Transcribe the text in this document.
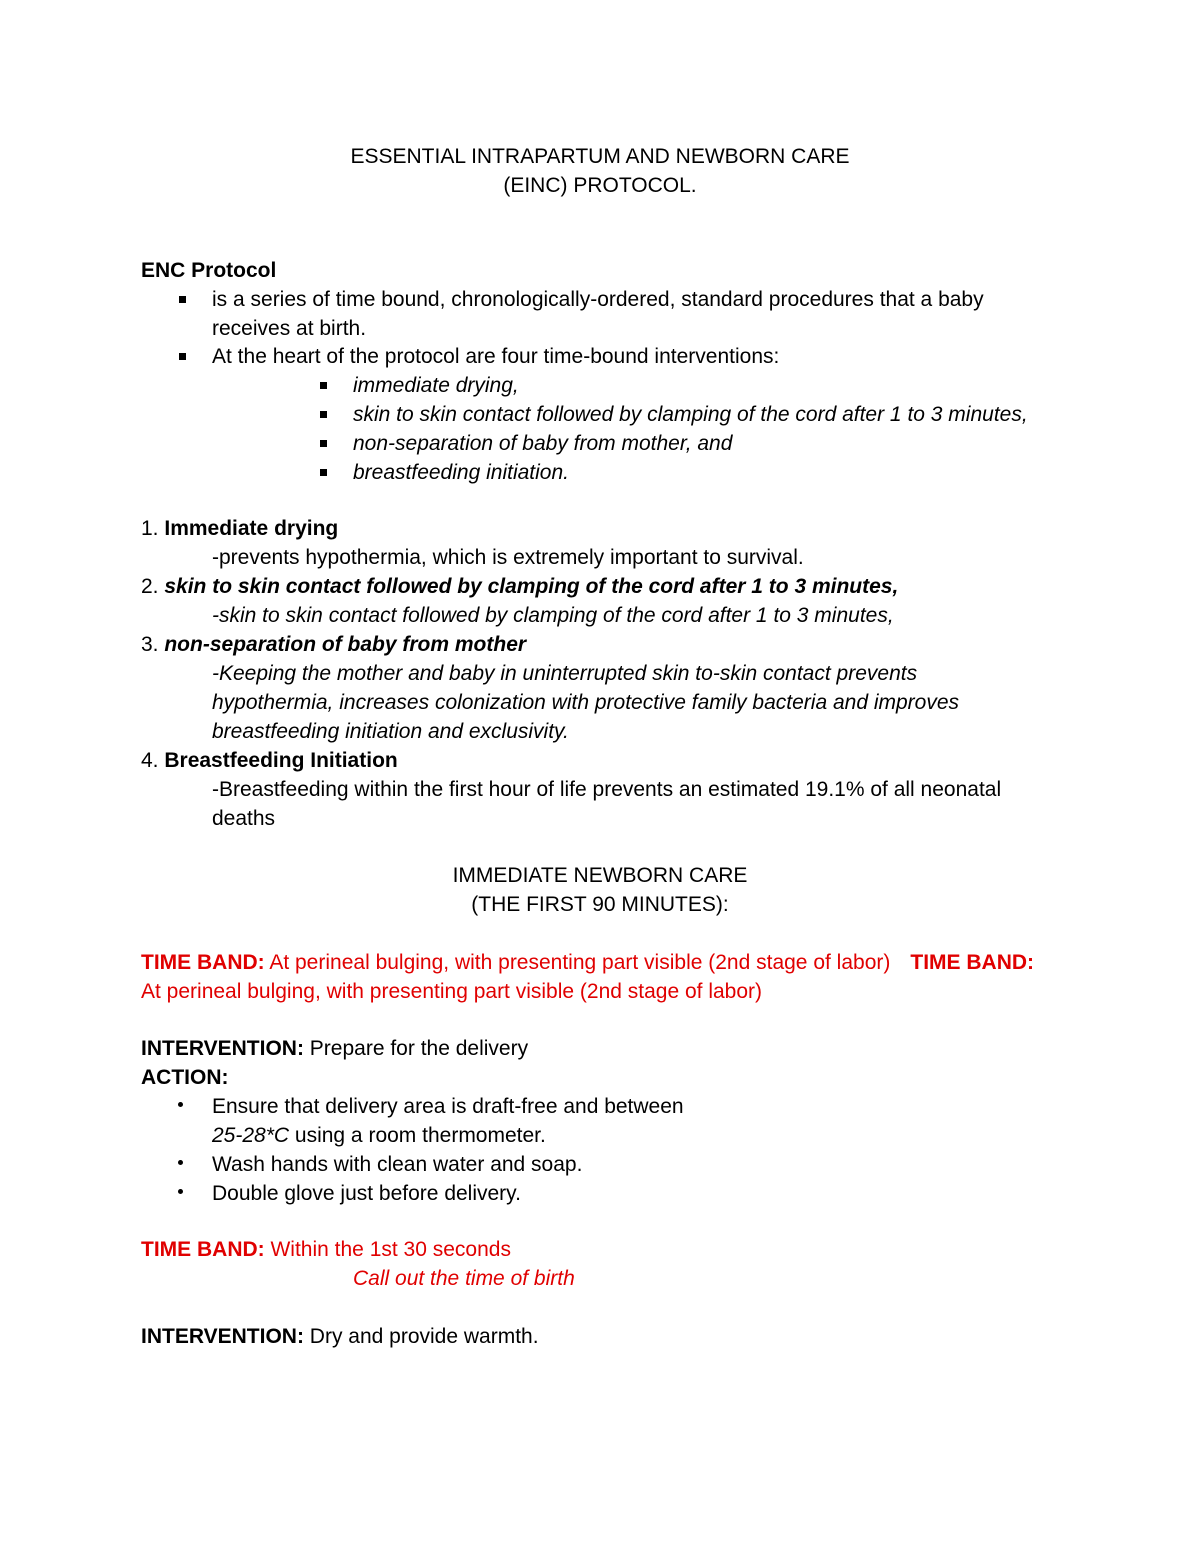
ESSENTIAL INTRAPARTUM AND NEWBORN CARE
(EINC) PROTOCOL.
ENC Protocol
is a series of time bound, chronologically-ordered, standard procedures that a baby
receives at birth.
At the heart of the protocol are four time-bound interventions:
immediate drying,
skin to skin contact followed by clamping of the cord after 1 to 3 minutes,
non-separation of baby from mother, and
breastfeeding initiation.
1. Immediate drying
-prevents hypothermia, which is extremely important to survival.
2. skin to skin contact followed by clamping of the cord after 1 to 3 minutes,
-skin to skin contact followed by clamping of the cord after 1 to 3 minutes,
3. non-separation of baby from mother
-Keeping the mother and baby in uninterrupted skin to-skin contact prevents
hypothermia, increases colonization with protective family bacteria and improves
breastfeeding initiation and exclusivity.
4. Breastfeeding Initiation
-Breastfeeding within the first hour of life prevents an estimated 19.1% of all neonatal
deaths
IMMEDIATE NEWBORN CARE
(THE FIRST 90 MINUTES):
TIME BAND: At perineal bulging, with presenting part visible (2nd stage of labor) TIME BAND:
At perineal bulging, with presenting part visible (2nd stage of labor)
INTERVENTION: Prepare for the delivery
ACTION:
Ensure that delivery area is draft-free and between
25-28*C using a room thermometer.
Wash hands with clean water and soap.
Double glove just before delivery.
TIME BAND: Within the 1st 30 seconds
Call out the time of birth
INTERVENTION: Dry and provide warmth.
